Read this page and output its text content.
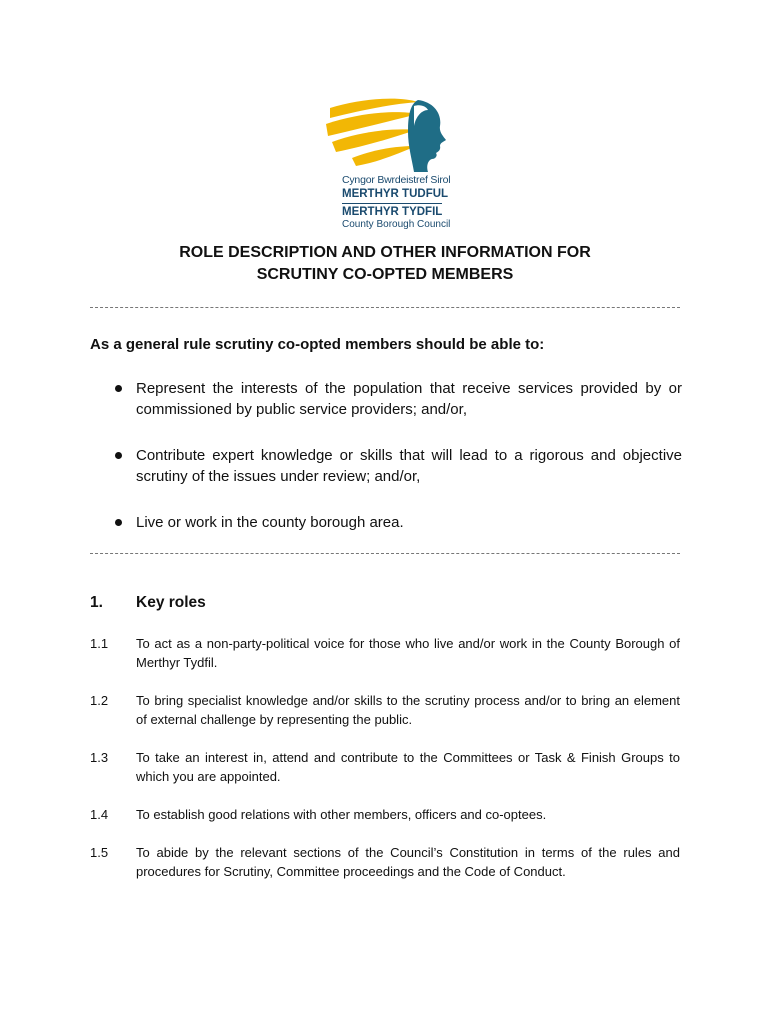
Cyngor Bwrdeistref Sirol
MERTHYR TUDFUL
MERTHYR TYDFIL
County Borough Council
ROLE DESCRIPTION AND OTHER INFORMATION FOR
SCRUTINY CO-OPTED MEMBERS
As a general rule scrutiny co-opted members should be able to:
Represent the interests of the population that receive services provided by or commissioned by public service providers; and/or,
Contribute expert knowledge or skills that will lead to a rigorous and objective scrutiny of the issues under review; and/or,
Live or work in the county borough area.
1. Key roles
1.1 To act as a non-party-political voice for those who live and/or work in the County Borough of Merthyr Tydfil.
1.2 To bring specialist knowledge and/or skills to the scrutiny process and/or to bring an element of external challenge by representing the public.
1.3 To take an interest in, attend and contribute to the Committees or Task & Finish Groups to which you are appointed.
1.4 To establish good relations with other members, officers and co-optees.
1.5 To abide by the relevant sections of the Council’s Constitution in terms of the rules and procedures for Scrutiny, Committee proceedings and the Code of Conduct.
